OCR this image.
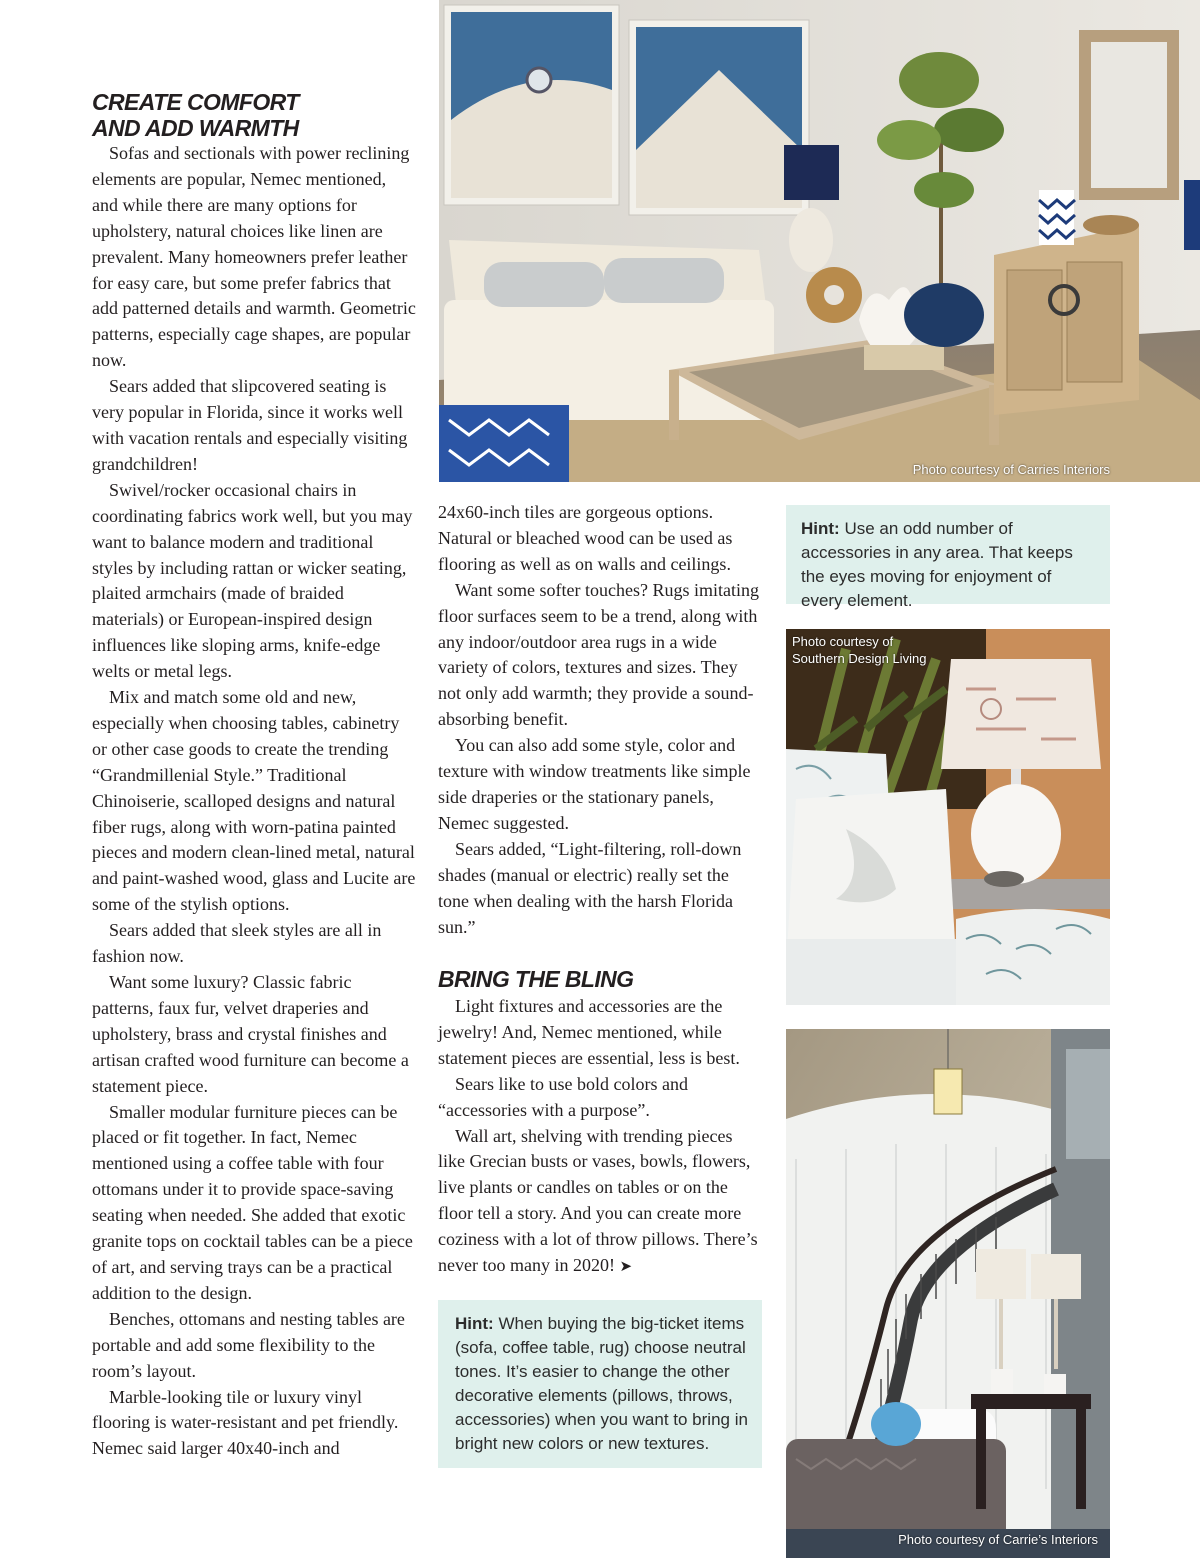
Photo courtesy of Carries Interiors
CREATE COMFORT
AND ADD WARMTH

Sofas and sectionals with power reclining elements are popular, Nemec mentioned, and while there are many options for upholstery, natural choices like linen are prevalent. Many homeowners prefer leather for easy care, but some prefer fabrics that add patterned details and warmth. Geometric patterns, especially cage shapes, are popular now.

Sears added that slipcovered seating is very popular in Florida, since it works well with vacation rentals and especially visiting grandchildren!

Swivel/rocker occasional chairs in coordinating fabrics work well, but you may want to balance modern and traditional styles by including rattan or wicker seating, plaited armchairs (made of braided materials) or European-inspired design influences like sloping arms, knife-edge welts or metal legs.

Mix and match some old and new, especially when choosing tables, cabinetry or other case goods to create the trending “Grandmillenial Style.” Traditional Chinoiserie, scalloped designs and natural fiber rugs, along with worn-patina painted pieces and modern clean-lined metal, natural and paint-washed wood, glass and Lucite are some of the stylish options.

Sears added that sleek styles are all in fashion now.

Want some luxury? Classic fabric patterns, faux fur, velvet draperies and upholstery, brass and crystal finishes and artisan crafted wood furniture can become a statement piece.

Smaller modular furniture pieces can be placed or fit together. In fact, Nemec mentioned using a coffee table with four ottomans under it to provide space-saving seating when needed. She added that exotic granite tops on cocktail tables can be a piece of art, and serving trays can be a practical addition to the design.

Benches, ottomans and nesting tables are portable and add some flexibility to the room’s layout.

Marble-looking tile or luxury vinyl flooring is water-resistant and pet friendly. Nemec said larger 40x40-inch and

24x60-inch tiles are gorgeous options. Natural or bleached wood can be used as flooring as well as on walls and ceilings.

Want some softer touches? Rugs imitating floor surfaces seem to be a trend, along with any indoor/outdoor area rugs in a wide variety of colors, textures and sizes. They not only add warmth; they provide a sound-absorbing benefit.

You can also add some style, color and texture with window treatments like simple side draperies or the stationary panels, Nemec suggested.

Sears added, “Light-filtering, roll-down shades (manual or electric) really set the tone when dealing with the harsh Florida sun.”

BRING THE BLING

Light fixtures and accessories are the jewelry! And, Nemec mentioned, while statement pieces are essential, less is best.

Sears like to use bold colors and “accessories with a purpose”.

Wall art, shelving with trending pieces like Grecian busts or vases, bowls, flowers, live plants or candles on tables or on the floor tell a story. And you can create more coziness with a lot of throw pillows. There’s never too many in 2020! ➤

Hint: Use an odd number of accessories in any area. That keeps the eyes moving for enjoyment of every element.
Hint: When buying the big-ticket items (sofa, coffee table, rug) choose neutral tones. It’s easier to change the other decorative elements (pillows, throws, accessories) when you want to bring in bright new colors or new textures.
Photo courtesy of
Southern Design Living
Photo courtesy of Carrie’s Interiors
